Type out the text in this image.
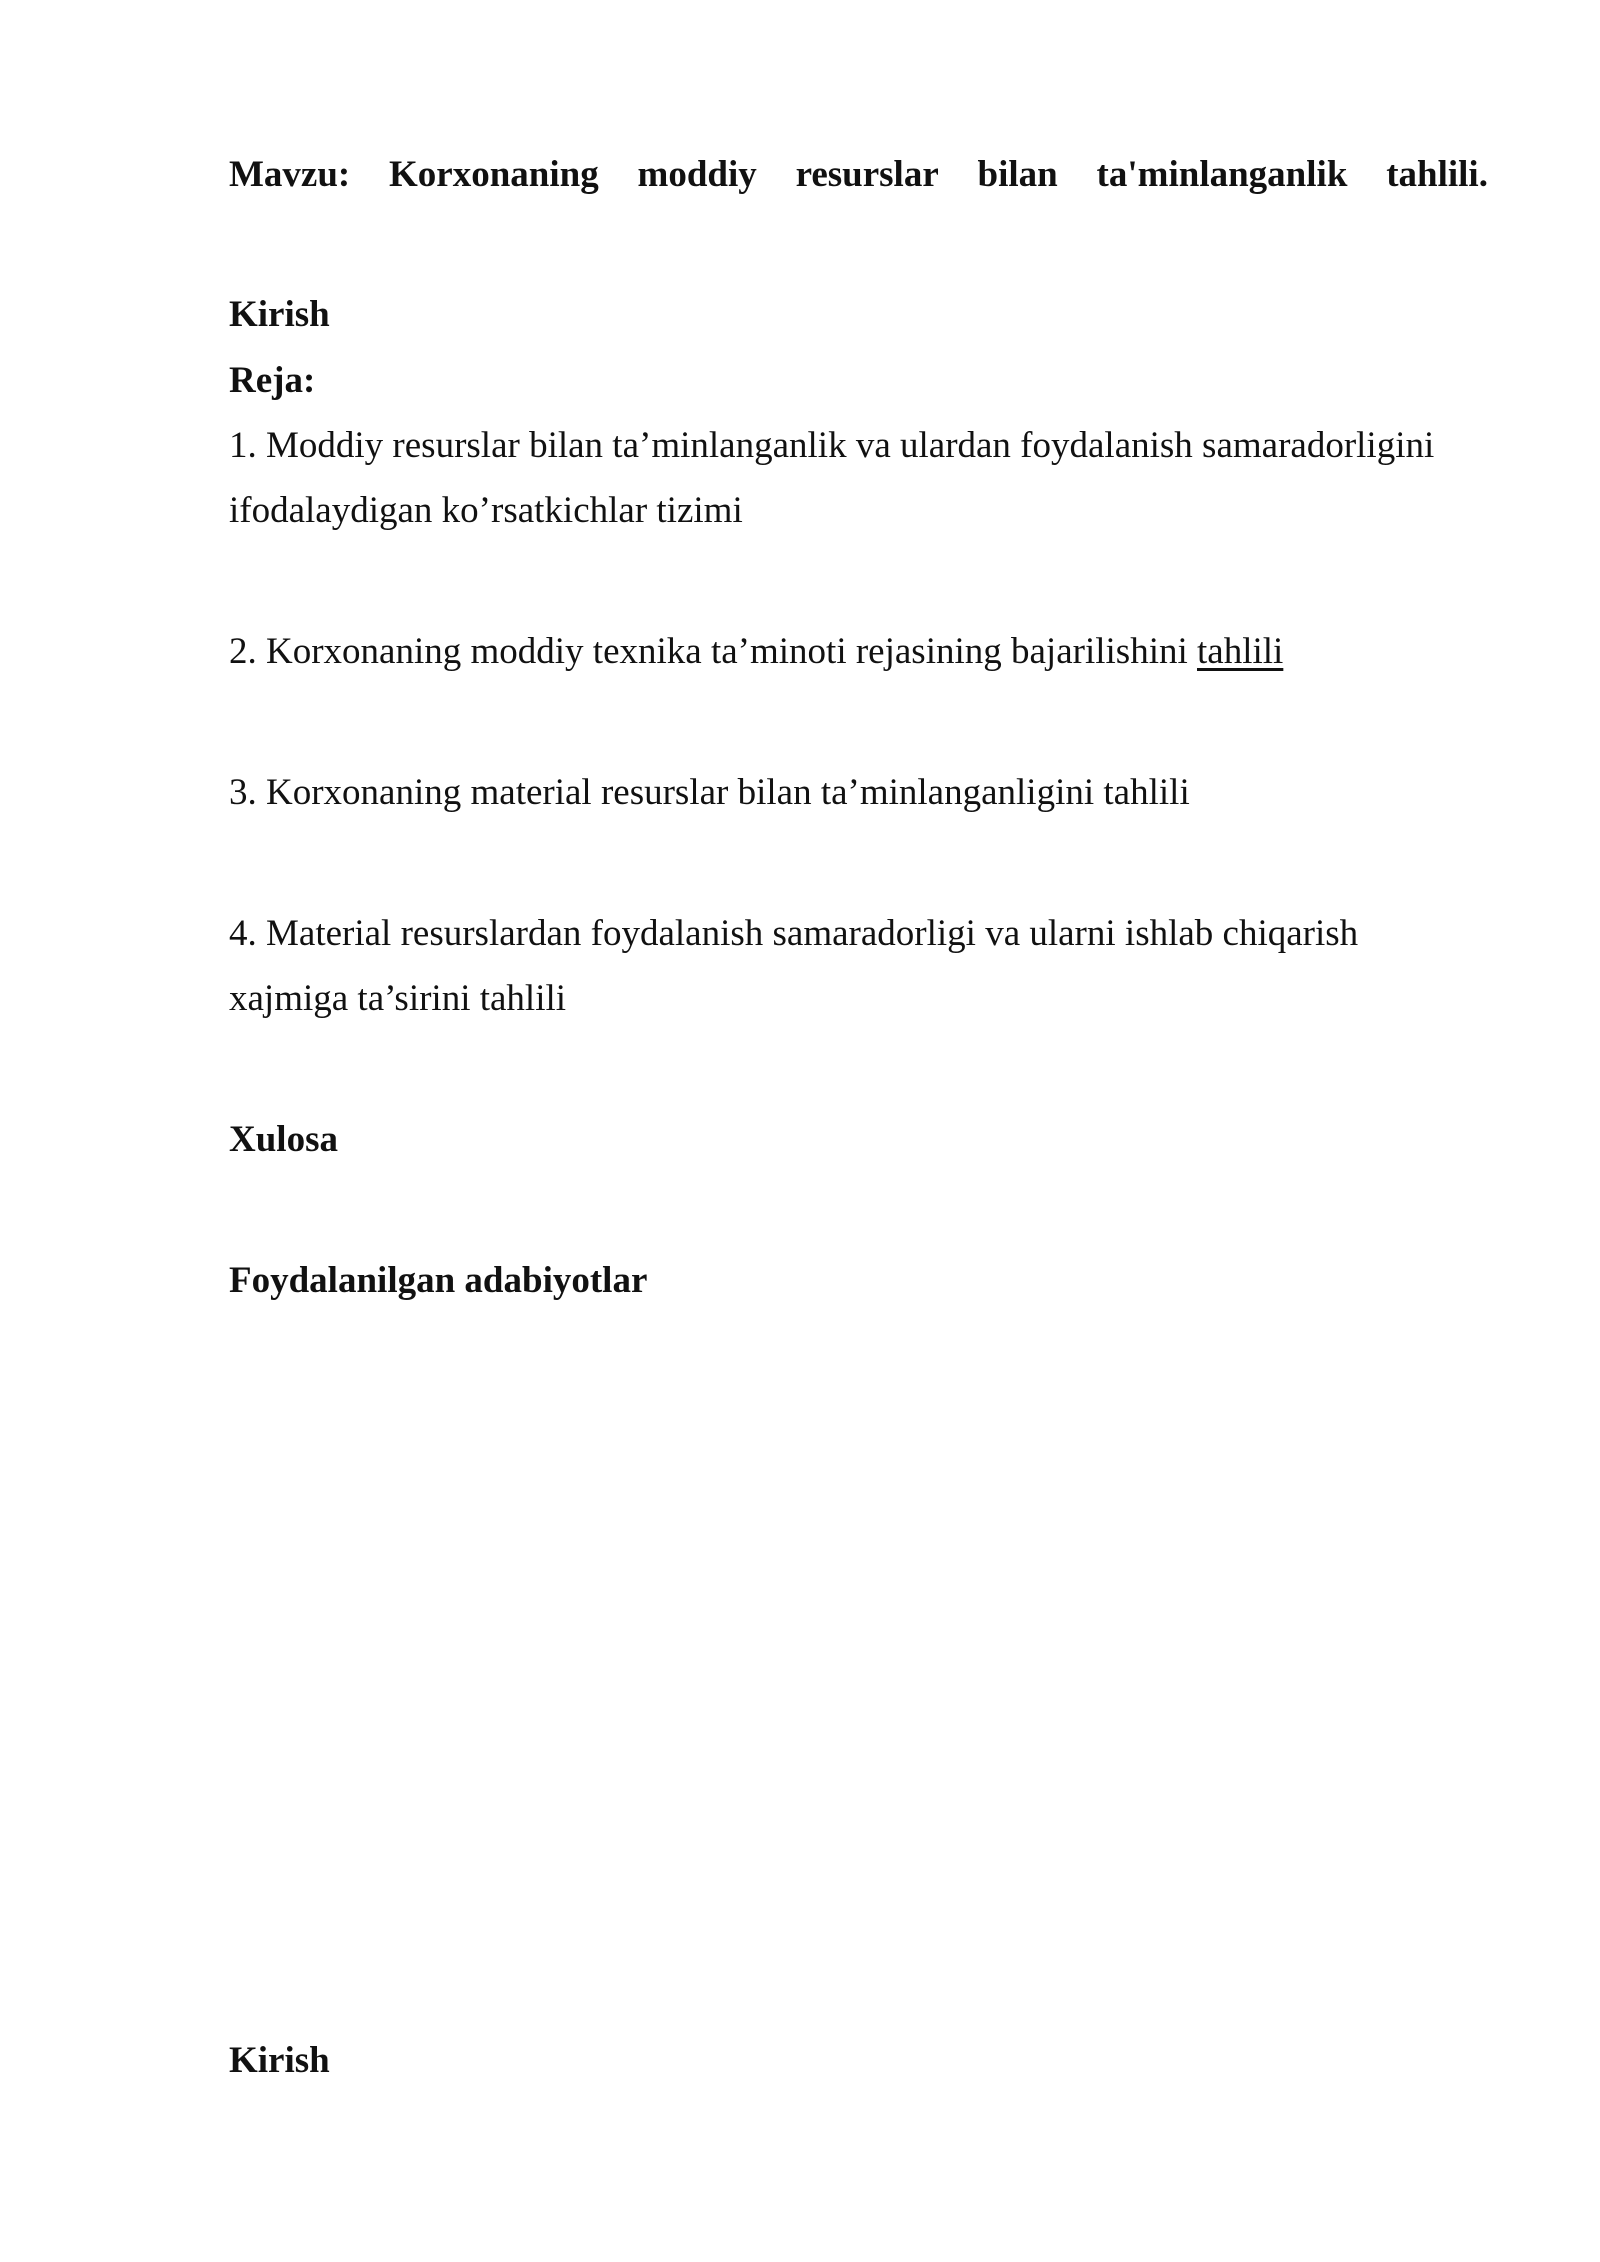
Mavzu: Korxonaning moddiy resurslar bilan ta'minlanganlik tahlili.
Kirish
Reja:
1. Moddiy resurslar bilan ta’minlanganlik va ulardan foydalanish samaradorligini
ifodalaydigan ko’rsatkichlar tizimi
2. Korxonaning moddiy texnika ta’minoti rejasining bajarilishini tahlili
3. Korxonaning material resurslar bilan ta’minlanganligini tahlili
4. Material resurslardan foydalanish samaradorligi va ularni ishlab chiqarish
xajmiga ta’sirini tahlili
Xulosa
Foydalanilgan adabiyotlar
Kirish
